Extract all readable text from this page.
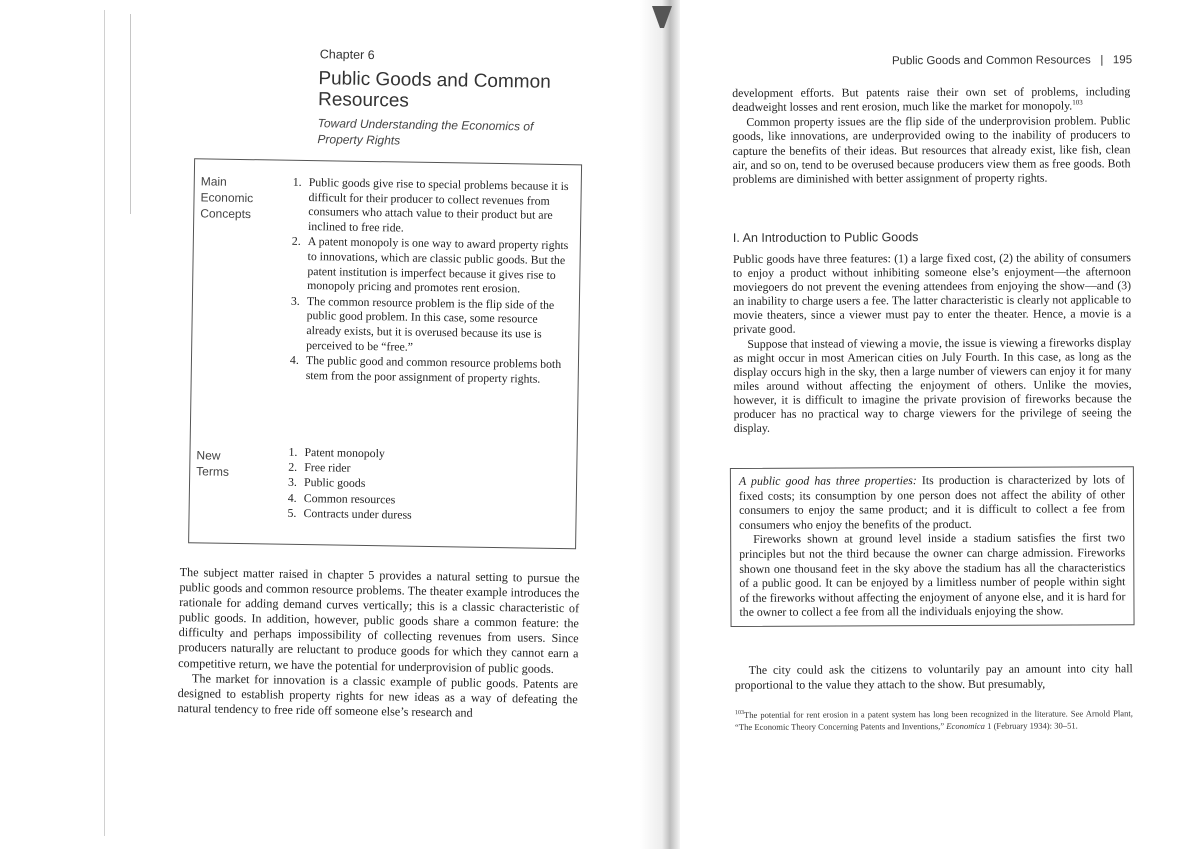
Chapter 6
Public Goods and Common Resources
Toward Understanding the Economics of Property Rights
Main Economic Concepts
1. Public goods give rise to special problems because it is difficult for their producer to collect revenues from consumers who attach value to their product but are inclined to free ride.
2. A patent monopoly is one way to award property rights to innovations, which are classic public goods. But the patent institution is imperfect because it gives rise to monopoly pricing and promotes rent erosion.
3. The common resource problem is the flip side of the public good problem. In this case, some resource already exists, but it is overused because its use is perceived to be “free.”
4. The public good and common resource problems both stem from the poor assignment of property rights.
New Terms
1. Patent monopoly
2. Free rider
3. Public goods
4. Common resources
5. Contracts under duress

The subject matter raised in chapter 5 provides a natural setting to pursue the public goods and common resource problems. The theater example introduces the rationale for adding demand curves vertically; this is a classic characteristic of public goods. In addition, however, public goods share a common feature: the difficulty and perhaps impossibility of collecting revenues from users. Since producers naturally are reluctant to produce goods for which they cannot earn a competitive return, we have the potential for underprovision of public goods.

The market for innovation is a classic example of public goods. Patents are designed to establish property rights for new ideas as a way of defeating the natural tendency to free ride off someone else’s research and

Public Goods and Common Resources   |   195

development efforts. But patents raise their own set of problems, including deadweight losses and rent erosion, much like the market for monopoly.$^{103}$

Common property issues are the flip side of the underprovision problem. Public goods, like innovations, are underprovided owing to the inability of producers to capture the benefits of their ideas. But resources that already exist, like fish, clean air, and so on, tend to be overused because producers view them as free goods. Both problems are diminished with better assignment of property rights.

I. An Introduction to Public Goods

Public goods have three features: (1) a large fixed cost, (2) the ability of consumers to enjoy a product without inhibiting someone else’s enjoyment—the afternoon moviegoers do not prevent the evening attendees from enjoying the show—and (3) an inability to charge users a fee. The latter characteristic is clearly not applicable to movie theaters, since a viewer must pay to enter the theater. Hence, a movie is a private good.

Suppose that instead of viewing a movie, the issue is viewing a fireworks display as might occur in most American cities on July Fourth. In this case, as long as the display occurs high in the sky, then a large number of viewers can enjoy it for many miles around without affecting the enjoyment of others. Unlike the movies, however, it is difficult to imagine the private provision of fireworks because the producer has no practical way to charge viewers for the privilege of seeing the display.

A public good has three properties: Its production is characterized by lots of fixed costs; its consumption by one person does not affect the ability of other consumers to enjoy the same product; and it is difficult to collect a fee from consumers who enjoy the benefits of the product.

Fireworks shown at ground level inside a stadium satisfies the first two principles but not the third because the owner can charge admission. Fireworks shown one thousand feet in the sky above the stadium has all the characteristics of a public good. It can be enjoyed by a limitless number of people within sight of the fireworks without affecting the enjoyment of anyone else, and it is hard for the owner to collect a fee from all the individuals enjoying the show.

The city could ask the citizens to voluntarily pay an amount into city hall proportional to the value they attach to the show. But presumably,

$^{103}$The potential for rent erosion in a patent system has long been recognized in the literature. See Arnold Plant, “The Economic Theory Concerning Patents and Inventions,” Economica 1 (February 1934): 30–51.
